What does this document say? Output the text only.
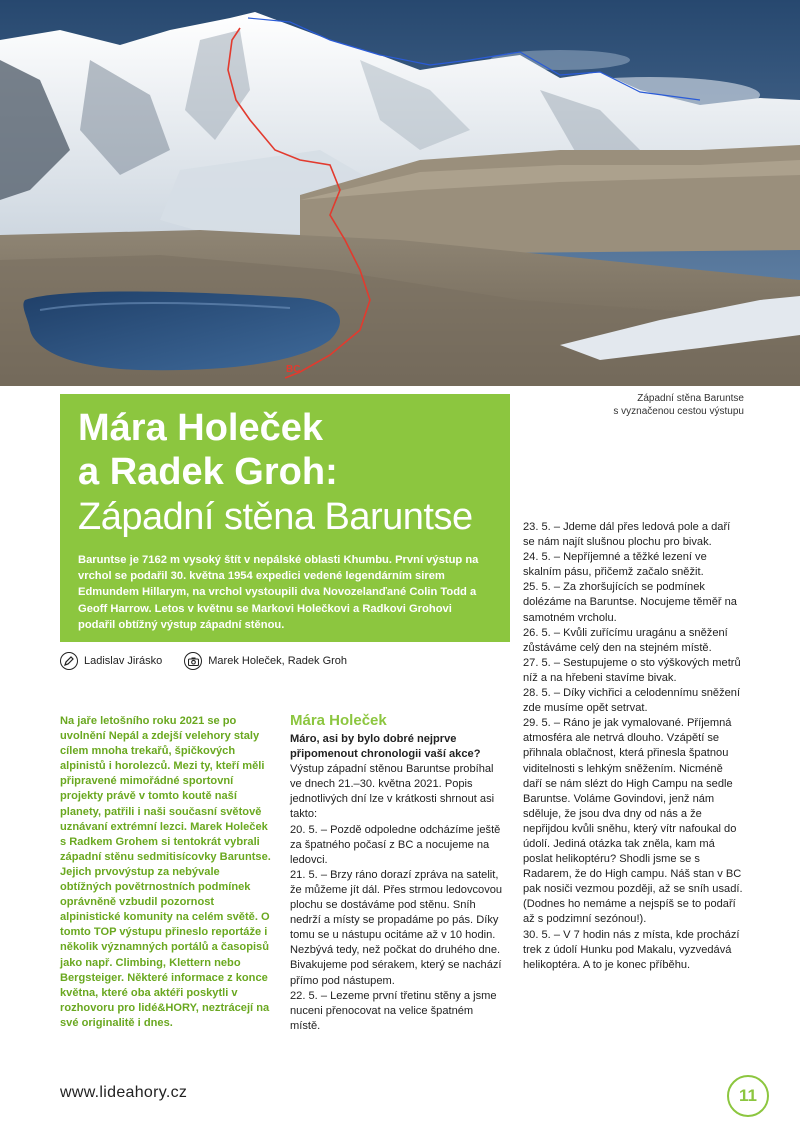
BC
Západní stěna Baruntse
s vyznačenou cestou výstupu

Mára Holeček

a Radek Groh:

Západní stěna Baruntse

Baruntse je 7162 m vysoký štít v nepálské oblasti Khumbu. První výstup na vrchol se podařil 30. května 1954 expedici vedené legendárním sirem Edmundem Hillarym, na vrchol vystoupili dva Novozelanďané Colin Todd a Geoff Harrow. Letos v květnu se Markovi Holečkovi a Radkovi Grohovi podařil obtížný výstup západní stěnou.
Ladislav Jirásko	Marek Holeček, Radek Groh

Na jaře letošního roku 2021 se po uvolnění Nepál a zdejší velehory staly cílem mnoha trekařů, špičkových alpinistů i horolezců. Mezi ty, kteří měli připravené mimořádné sportovní projekty právě v tomto koutě naší planety, patřili i naši současní světově uznávaní extrémní lezci. Marek Holeček s Radkem Grohem si tentokrát vybrali západní stěnu sedmitisícovky Baruntse. Jejich prvovýstup za nebývale obtížných povětrnostních podmínek oprávněně vzbudil pozornost alpinistické komunity na celém světě. O tomto TOP výstupu přineslo reportáže i několik významných portálů a časopisů jako např. Climbing, Klettern nebo Bergsteiger. Některé informace z konce května, které oba aktéři poskytli v rozhovoru pro lidé&HORY, neztrácejí na své originalitě i dnes.

Mára Holeček

Máro, asi by bylo dobré nejprve připomenout chronologii vaší akce?

Výstup západní stěnou Baruntse probíhal ve dnech 21.–30. května 2021. Popis jednotlivých dní lze v krátkosti shrnout asi takto:

20. 5. – Pozdě odpoledne odcházíme ještě za špatného počasí z BC a nocujeme na ledovci.

21. 5. – Brzy ráno dorazí zpráva na satelit, že můžeme jít dál. Přes strmou ledovcovou plochu se dostáváme pod stěnu. Sníh nedrží a místy se propadáme po pás. Díky tomu se u nástupu ocitáme až v 10 hodin. Nezbývá tedy, než počkat do druhého dne. Bivakujeme pod sérakem, který se nachází přímo pod nástupem.

22. 5. – Lezeme první třetinu stěny a jsme nuceni přenocovat na velice špatném místě.

23. 5. – Jdeme dál přes ledová pole a daří se nám najít slušnou plochu pro bivak.

24. 5. – Nepříjemné a těžké lezení ve skalním pásu, přičemž začalo sněžit.

25. 5. – Za zhoršujících se podmínek dolézáme na Baruntse. Nocujeme těměř na samotném vrcholu.

26. 5. – Kvůli zuřícímu uragánu a sněžení zůstáváme celý den na stejném místě.

27. 5. – Sestupujeme o sto výškových metrů níž a na hřebeni stavíme bivak.

28. 5. – Díky vichřici a celodennímu sněžení zde musíme opět setrvat.

29. 5. – Ráno je jak vymalované. Příjemná atmosféra ale netrvá dlouho. Vzápětí se přihnala oblačnost, která přinesla špatnou viditelnosti s lehkým sněžením. Nicméně daří se nám slézt do High Campu na sedle Baruntse. Voláme Govindovi, jenž nám sděluje, že jsou dva dny od nás a že nepřijdou kvůli sněhu, který vítr nafoukal do údolí. Jediná otázka tak zněla, kam má poslat helikoptéru? Shodli jsme se s Radarem, že do High campu. Náš stan v BC pak nosiči vezmou později, až se sníh usadí. (Dodnes ho nemáme a nejspíš se to podaří až s podzimní sezónou!).

30. 5. – V 7 hodin nás z místa, kde prochází trek z údolí Hunku pod Makalu, vyzvedává helikoptéra. A to je konec příběhu.

www.lideahory.cz	11
